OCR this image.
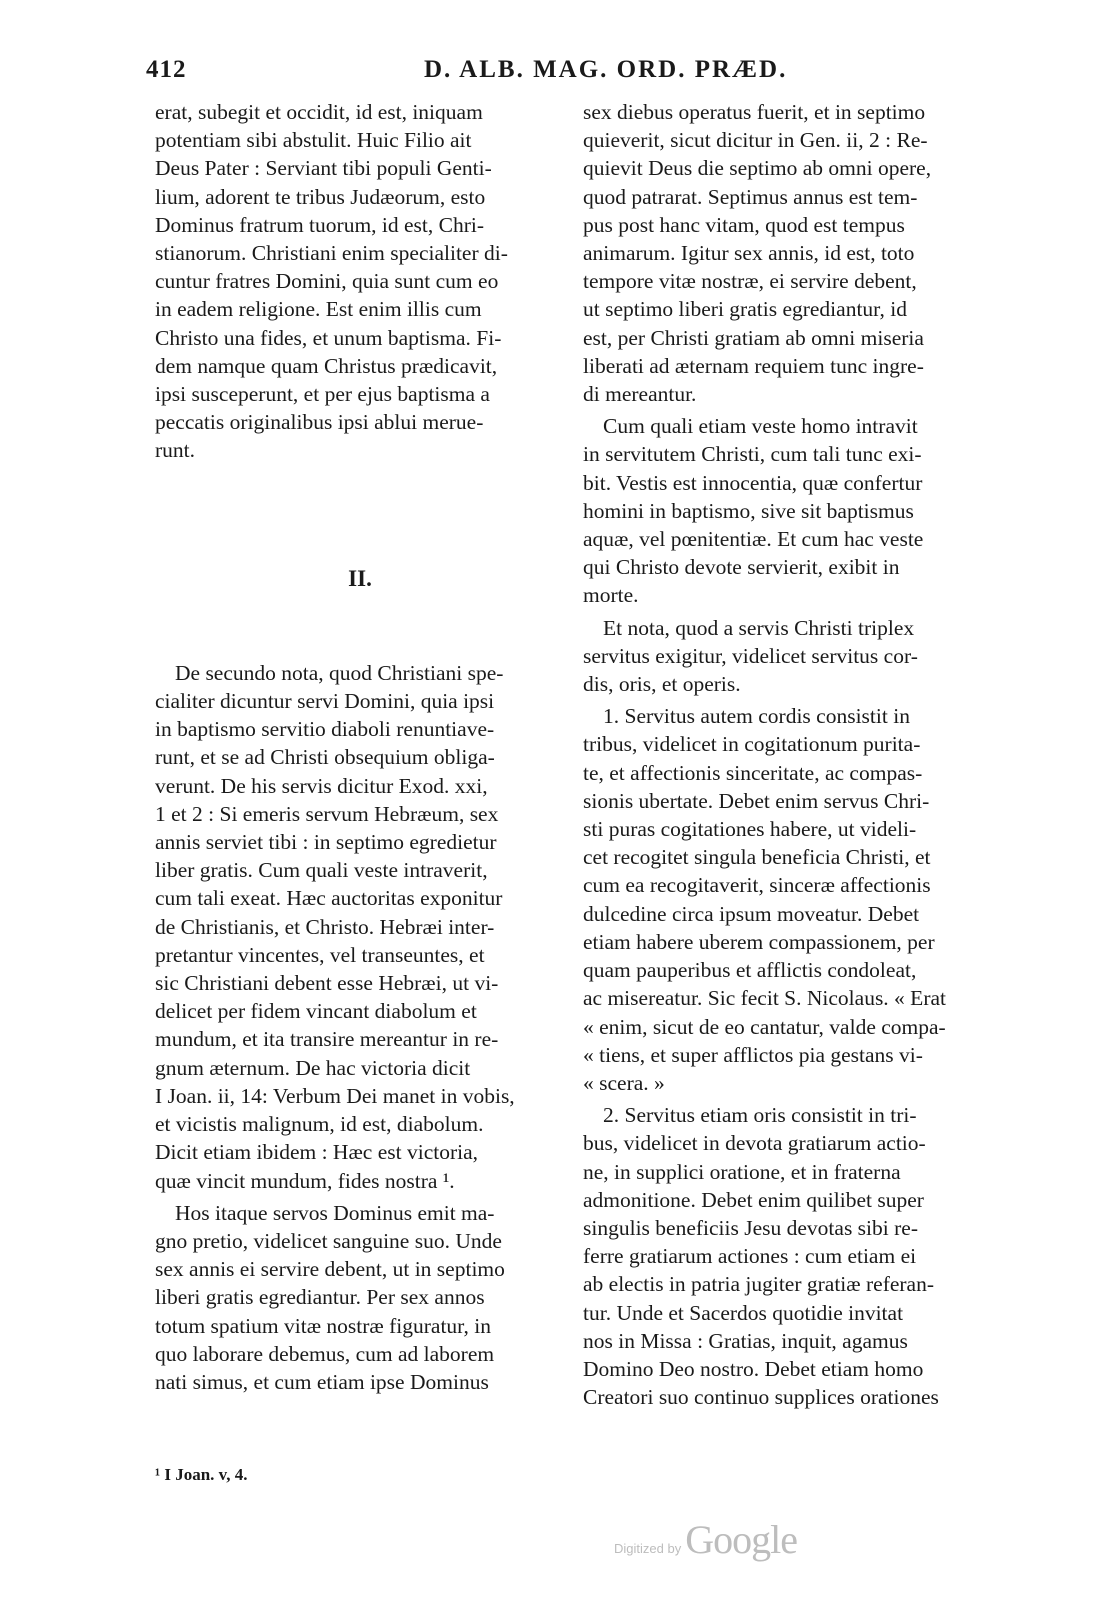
412	D. ALB. MAG. ORD. PRÆD.

erat, subegit et occidit, id est, iniquam
potentiam sibi abstulit. Huic Filio ait
Deus Pater : Serviant tibi populi Genti-
lium, adorent te tribus Judæorum, esto
Dominus fratrum tuorum, id est, Chri-
stianorum. Christiani enim specialiter di-
cuntur fratres Domini, quia sunt cum eo
in eadem religione. Est enim illis cum
Christo una fides, et unum baptisma. Fi-
dem namque quam Christus prædicavit,
ipsi susceperunt, et per ejus baptisma a
peccatis originalibus ipsi ablui merue-
runt.

II.

De secundo nota, quod Christiani spe-
cialiter dicuntur servi Domini, quia ipsi
in baptismo servitio diaboli renuntiave-
runt, et se ad Christi obsequium obliga-
verunt. De his servis dicitur Exod. xxi,
1 et 2 : Si emeris servum Hebræum, sex
annis serviet tibi : in septimo egredietur
liber gratis. Cum quali veste intraverit,
cum tali exeat. Hæc auctoritas exponitur
de Christianis, et Christo. Hebræi inter-
pretantur vincentes, vel transeuntes, et
sic Christiani debent esse Hebræi, ut vi-
delicet per fidem vincant diabolum et
mundum, et ita transire mereantur in re-
gnum æternum. De hac victoria dicit
I Joan. ii, 14: Verbum Dei manet in vobis,
et vicistis malignum, id est, diabolum.
Dicit etiam ibidem : Hæc est victoria,
quæ vincit mundum, fides nostra ¹.

Hos itaque servos Dominus emit ma-
gno pretio, videlicet sanguine suo. Unde
sex annis ei servire debent, ut in septimo
liberi gratis egrediantur. Per sex annos
totum spatium vitæ nostræ figuratur, in
quo laborare debemus, cum ad laborem
nati simus, et cum etiam ipse Dominus

sex diebus operatus fuerit, et in septimo
quieverit, sicut dicitur in Gen. ii, 2 : Re-
quievit Deus die septimo ab omni opere,
quod patrarat. Septimus annus est tem-
pus post hanc vitam, quod est tempus
animarum. Igitur sex annis, id est, toto
tempore vitæ nostræ, ei servire debent,
ut septimo liberi gratis egrediantur, id
est, per Christi gratiam ab omni miseria
liberati ad æternam requiem tunc ingre-
di mereantur.

Cum quali etiam veste homo intravit
in servitutem Christi, cum tali tunc exi-
bit. Vestis est innocentia, quæ confertur
homini in baptismo, sive sit baptismus
aquæ, vel pœnitentiæ. Et cum hac veste
qui Christo devote servierit, exibit in
morte.

Et nota, quod a servis Christi triplex
servitus exigitur, videlicet servitus cor-
dis, oris, et operis.

1. Servitus autem cordis consistit in
tribus, videlicet in cogitationum purita-
te, et affectionis sinceritate, ac compas-
sionis ubertate. Debet enim servus Chri-
sti puras cogitationes habere, ut videli-
cet recogitet singula beneficia Christi, et
cum ea recogitaverit, sinceræ affectionis
dulcedine circa ipsum moveatur. Debet
etiam habere uberem compassionem, per
quam pauperibus et afflictis condoleat,
ac misereatur. Sic fecit S. Nicolaus. « Erat
« enim, sicut de eo cantatur, valde compa-
« tiens, et super afflictos pia gestans vi-
« scera. »

2. Servitus etiam oris consistit in tri-
bus, videlicet in devota gratiarum actio-
ne, in supplici oratione, et in fraterna
admonitione. Debet enim quilibet super
singulis beneficiis Jesu devotas sibi re-
ferre gratiarum actiones : cum etiam ei
ab electis in patria jugiter gratiæ referan-
tur. Unde et Sacerdos quotidie invitat
nos in Missa : Gratias, inquit, agamus
Domino Deo nostro. Debet etiam homo
Creatori suo continuo supplices orationes

¹ I Joan. v, 4.
Digitized by Google
